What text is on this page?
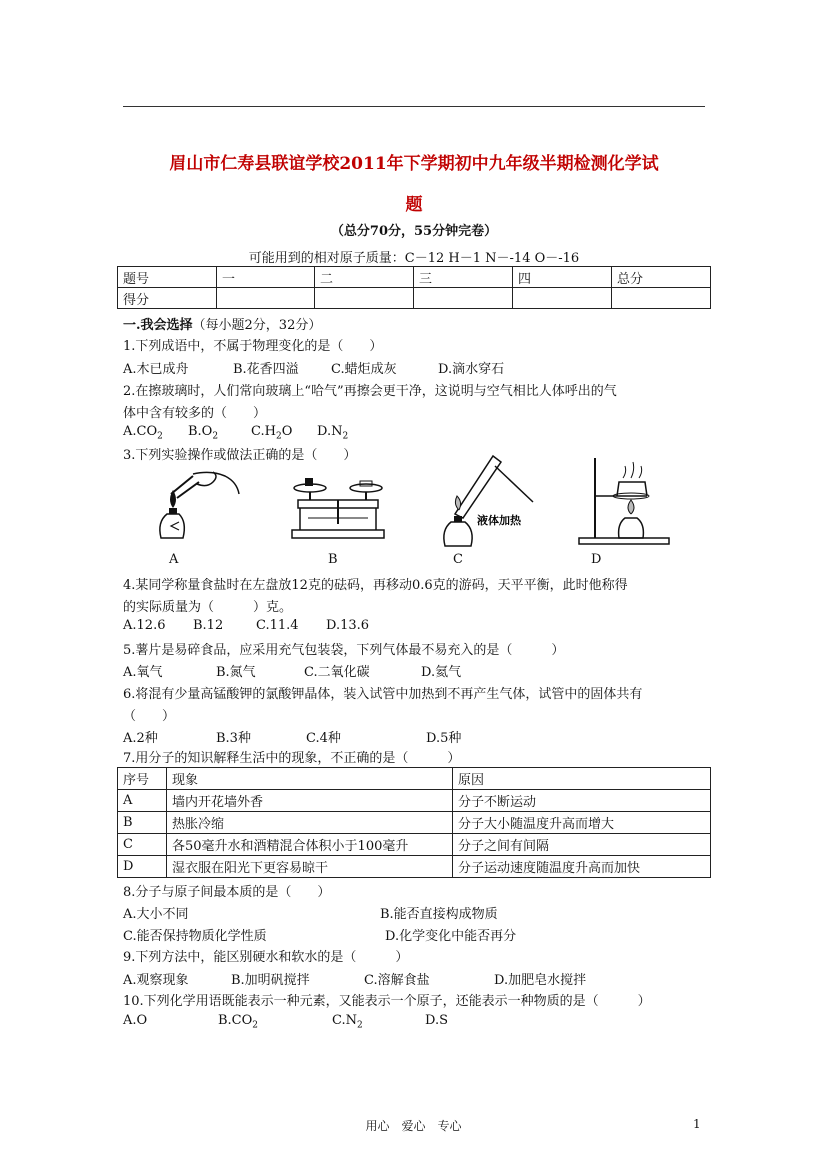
眉山市仁寿县联谊学校2011年下学期初中九年级半期检测化学试
题
（总分70分，55分钟完卷）
可能用到的相对原子质量：C－12 H－1 N－-14 O－-16
题号	一	二	三	四	总分
得分					
一.我会选择（每小题2分，32分）
1.下列成语中，不属于物理变化的是（　　）
A.木已成舟	B.花香四溢 C.蜡炬成灰	D.滴水穿石
2.在擦玻璃时，人们常向玻璃上“哈气”再擦会更干净，这说明与空气相比人体呼出的气
体中含有较多的（　　）
$A.CO_2$ $B.O_2$	$C.H_2O$ $D.N_2$
3.下列实验操作或做法正确的是（　　）
液体加热
A	B	C	D
4.某同学称量食盐时在左盘放12克的砝码，再移动0.6克的游码，天平平衡，此时他称得
的实际质量为（　　　）克。
A.12.6 B.12	C.11.4 D.13.6
5.薯片是易碎食品，应采用充气包装袋，下列气体最不易充入的是（　　　）
A.氧气	B.氮气	C.二氧化碳	D.氦气
6.将混有少量高锰酸钾的氯酸钾晶体，装入试管中加热到不再产生气体，试管中的固体共有
（　　）
A.2种	B.3种	C.4种	D.5种
7.用分子的知识解释生活中的现象，不正确的是（　　　）
序号	现象	原因
A	墙内开花墙外香	分子不断运动
B	热胀冷缩	分子大小随温度升高而增大
C	各50毫升水和酒精混合体积小于100毫升	分子之间有间隔
D	湿衣服在阳光下更容易晾干	分子运动速度随温度升高而加快
8.分子与原子间最本质的是（　　）
A.大小不同	B.能否直接构成物质
C.能否保持物质化学性质	D.化学变化中能否再分
9.下列方法中，能区别硬水和软水的是（　　　）
A.观察现象	B.加明矾搅拌	C.溶解食盐	D.加肥皂水搅拌
10.下列化学用语既能表示一种元素，又能表示一个原子，还能表示一种物质的是（　　　）
A.O	$B.CO_2$	$C.N_2$	D.S
用心　爱心　专心	1
